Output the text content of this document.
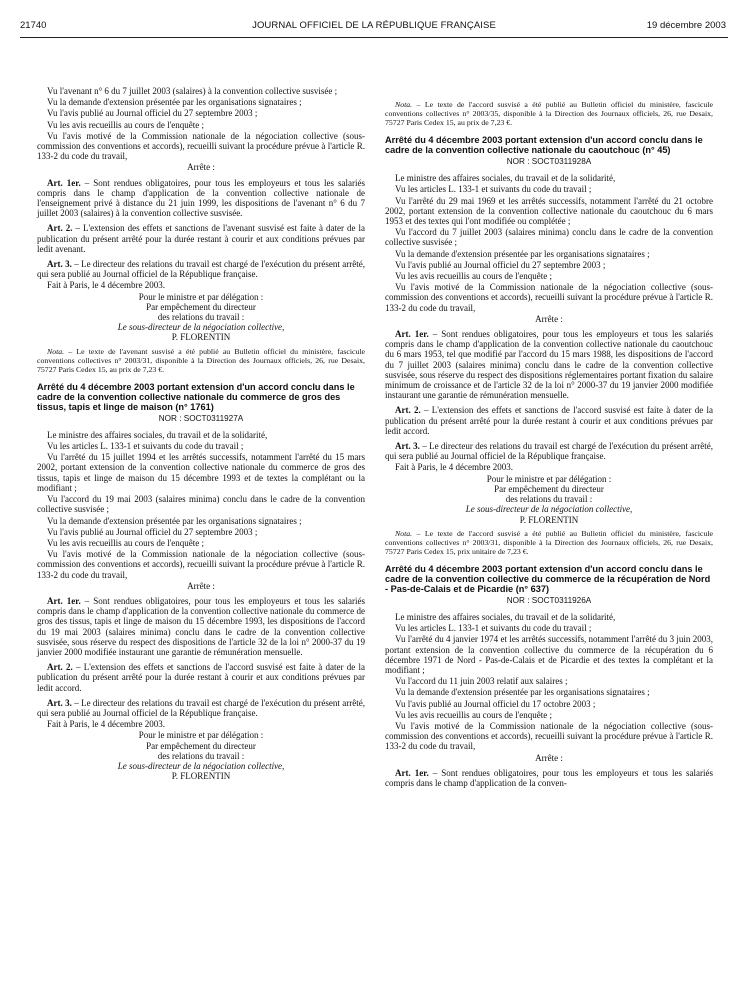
21740	JOURNAL OFFICIEL DE LA RÉPUBLIQUE FRANÇAISE	19 décembre 2003
Vu l'avenant n° 6 du 7 juillet 2003 (salaires) à la convention collective susvisée ;
Vu la demande d'extension présentée par les organisations signataires ;
Vu l'avis publié au Journal officiel du 27 septembre 2003 ;
Vu les avis recueillis au cours de l'enquête ;
Vu l'avis motivé de la Commission nationale de la négociation collective (sous-commission des conventions et accords), recueilli suivant la procédure prévue à l'article R. 133-2 du code du travail,
Arrête :
Art. 1er. – Sont rendues obligatoires, pour tous les employeurs et tous les salariés compris dans le champ d'application de la convention collective nationale de l'enseignement privé à distance du 21 juin 1999, les dispositions de l'avenant n° 6 du 7 juillet 2003 (salaires) à la convention collective susvisée.
Art. 2. – L'extension des effets et sanctions de l'avenant susvisé est faite à dater de la publication du présent arrêté pour la durée restant à courir et aux conditions prévues par ledit avenant.
Art. 3. – Le directeur des relations du travail est chargé de l'exécution du présent arrêté, qui sera publié au Journal officiel de la République française.
Fait à Paris, le 4 décembre 2003.
Pour le ministre et par délégation :
Par empêchement du directeur
des relations du travail :
Le sous-directeur de la négociation collective,
P. FLORENTIN
Nota. – Le texte de l'avenant susvisé a été publié au Bulletin officiel du ministère, fascicule conventions collectives n° 2003/31, disponible à la Direction des Journaux officiels, 26, rue Desaix, 75727 Paris Cedex 15, au prix de 7,23 €.
Arrêté du 4 décembre 2003 portant extension d'un accord conclu dans le cadre de la convention collective nationale du commerce de gros des tissus, tapis et linge de maison (n° 1761)
NOR : SOCT0311927A
Le ministre des affaires sociales, du travail et de la solidarité,
Vu les articles L. 133-1 et suivants du code du travail ;
Vu l'arrêté du 15 juillet 1994 et les arrêtés successifs, notamment l'arrêté du 15 mars 2002, portant extension de la convention collective nationale du commerce de gros des tissus, tapis et linge de maison du 15 décembre 1993 et de textes la complétant ou la modifiant ;
Vu l'accord du 19 mai 2003 (salaires minima) conclu dans le cadre de la convention collective susvisée ;
Vu la demande d'extension présentée par les organisations signataires ;
Vu l'avis publié au Journal officiel du 27 septembre 2003 ;
Vu les avis recueillis au cours de l'enquête ;
Vu l'avis motivé de la Commission nationale de la négociation collective (sous-commission des conventions et accords), recueilli suivant la procédure prévue à l'article R. 133-2 du code du travail,
Arrête :
Art. 1er. – Sont rendues obligatoires, pour tous les employeurs et tous les salariés compris dans le champ d'application de la convention collective nationale du commerce de gros des tissus, tapis et linge de maison du 15 décembre 1993, les dispositions de l'accord du 19 mai 2003 (salaires minima) conclu dans le cadre de la convention collective susvisée, sous réserve du respect des dispositions de l'article 32 de la loi n° 2000-37 du 19 janvier 2000 modifiée instaurant une garantie de rémunération mensuelle.
Art. 2. – L'extension des effets et sanctions de l'accord susvisé est faite à dater de la publication du présent arrêté pour la durée restant à courir et aux conditions prévues par ledit accord.
Art. 3. – Le directeur des relations du travail est chargé de l'exécution du présent arrêté, qui sera publié au Journal officiel de la République française.
Fait à Paris, le 4 décembre 2003.
Pour le ministre et par délégation :
Par empêchement du directeur
des relations du travail :
Le sous-directeur de la négociation collective,
P. FLORENTIN
Nota. – Le texte de l'accord susvisé a été publié au Bulletin officiel du ministère, fascicule conventions collectives n° 2003/35, disponible à la Direction des Journaux officiels, 26, rue Desaix, 75727 Paris Cedex 15, au prix de 7,23 €.
Arrêté du 4 décembre 2003 portant extension d'un accord conclu dans le cadre de la convention collective nationale du caoutchouc (n° 45)
NOR : SOCT0311928A
Le ministre des affaires sociales, du travail et de la solidarité,
Vu les articles L. 133-1 et suivants du code du travail ;
Vu l'arrêté du 29 mai 1969 et les arrêtés successifs, notamment l'arrêté du 21 octobre 2002, portant extension de la convention collective nationale du caoutchouc du 6 mars 1953 et des textes qui l'ont modifiée ou complétée ;
Vu l'accord du 7 juillet 2003 (salaires minima) conclu dans le cadre de la convention collective susvisée ;
Vu la demande d'extension présentée par les organisations signataires ;
Vu l'avis publié au Journal officiel du 27 septembre 2003 ;
Vu les avis recueillis au cours de l'enquête ;
Vu l'avis motivé de la Commission nationale de la négociation collective (sous-commission des conventions et accords), recueilli suivant la procédure prévue à l'article R. 133-2 du code du travail,
Arrête :
Art. 1er. – Sont rendues obligatoires, pour tous les employeurs et tous les salariés compris dans le champ d'application de la convention collective nationale du caoutchouc du 6 mars 1953, tel que modifié par l'accord du 15 mars 1988, les dispositions de l'accord du 7 juillet 2003 (salaires minima) conclu dans le cadre de la convention collective susvisée, sous réserve du respect des dispositions réglementaires portant fixation du salaire minimum de croissance et de l'article 32 de la loi n° 2000-37 du 19 janvier 2000 modifiée instaurant une garantie de rémunération mensuelle.
Art. 2. – L'extension des effets et sanctions de l'accord susvisé est faite à dater de la publication du présent arrêté pour la durée restant à courir et aux conditions prévues par ledit accord.
Art. 3. – Le directeur des relations du travail est chargé de l'exécution du présent arrêté, qui sera publié au Journal officiel de la République française.
Fait à Paris, le 4 décembre 2003.
Pour le ministre et par délégation :
Par empêchement du directeur
des relations du travail :
Le sous-directeur de la négociation collective,
P. FLORENTIN
Nota. – Le texte de l'accord susvisé a été publié au Bulletin officiel du ministère, fascicule conventions collectives n° 2003/31, disponible à la Direction des Journaux officiels, 26, rue Desaix, 75727 Paris Cedex 15, prix unitaire de 7,23 €.
Arrêté du 4 décembre 2003 portant extension d'un accord conclu dans le cadre de la convention collective du commerce de la récupération de Nord - Pas-de-Calais et de Picardie (n° 637)
NOR : SOCT0311926A
Le ministre des affaires sociales, du travail et de la solidarité,
Vu les articles L. 133-1 et suivants du code du travail ;
Vu l'arrêté du 4 janvier 1974 et les arrêtés successifs, notamment l'arrêté du 3 juin 2003, portant extension de la convention collective du commerce de la récupération du 6 décembre 1971 de Nord - Pas-de-Calais et de Picardie et des textes la complétant et la modifiant ;
Vu l'accord du 11 juin 2003 relatif aux salaires ;
Vu la demande d'extension présentée par les organisations signataires ;
Vu l'avis publié au Journal officiel du 17 octobre 2003 ;
Vu les avis recueillis au cours de l'enquête ;
Vu l'avis motivé de la Commission nationale de la négociation collective (sous-commission des conventions et accords), recueilli suivant la procédure prévue à l'article R. 133-2 du code du travail,
Arrête :
Art. 1er. – Sont rendues obligatoires, pour tous les employeurs et tous les salariés compris dans le champ d'application de la conven-
